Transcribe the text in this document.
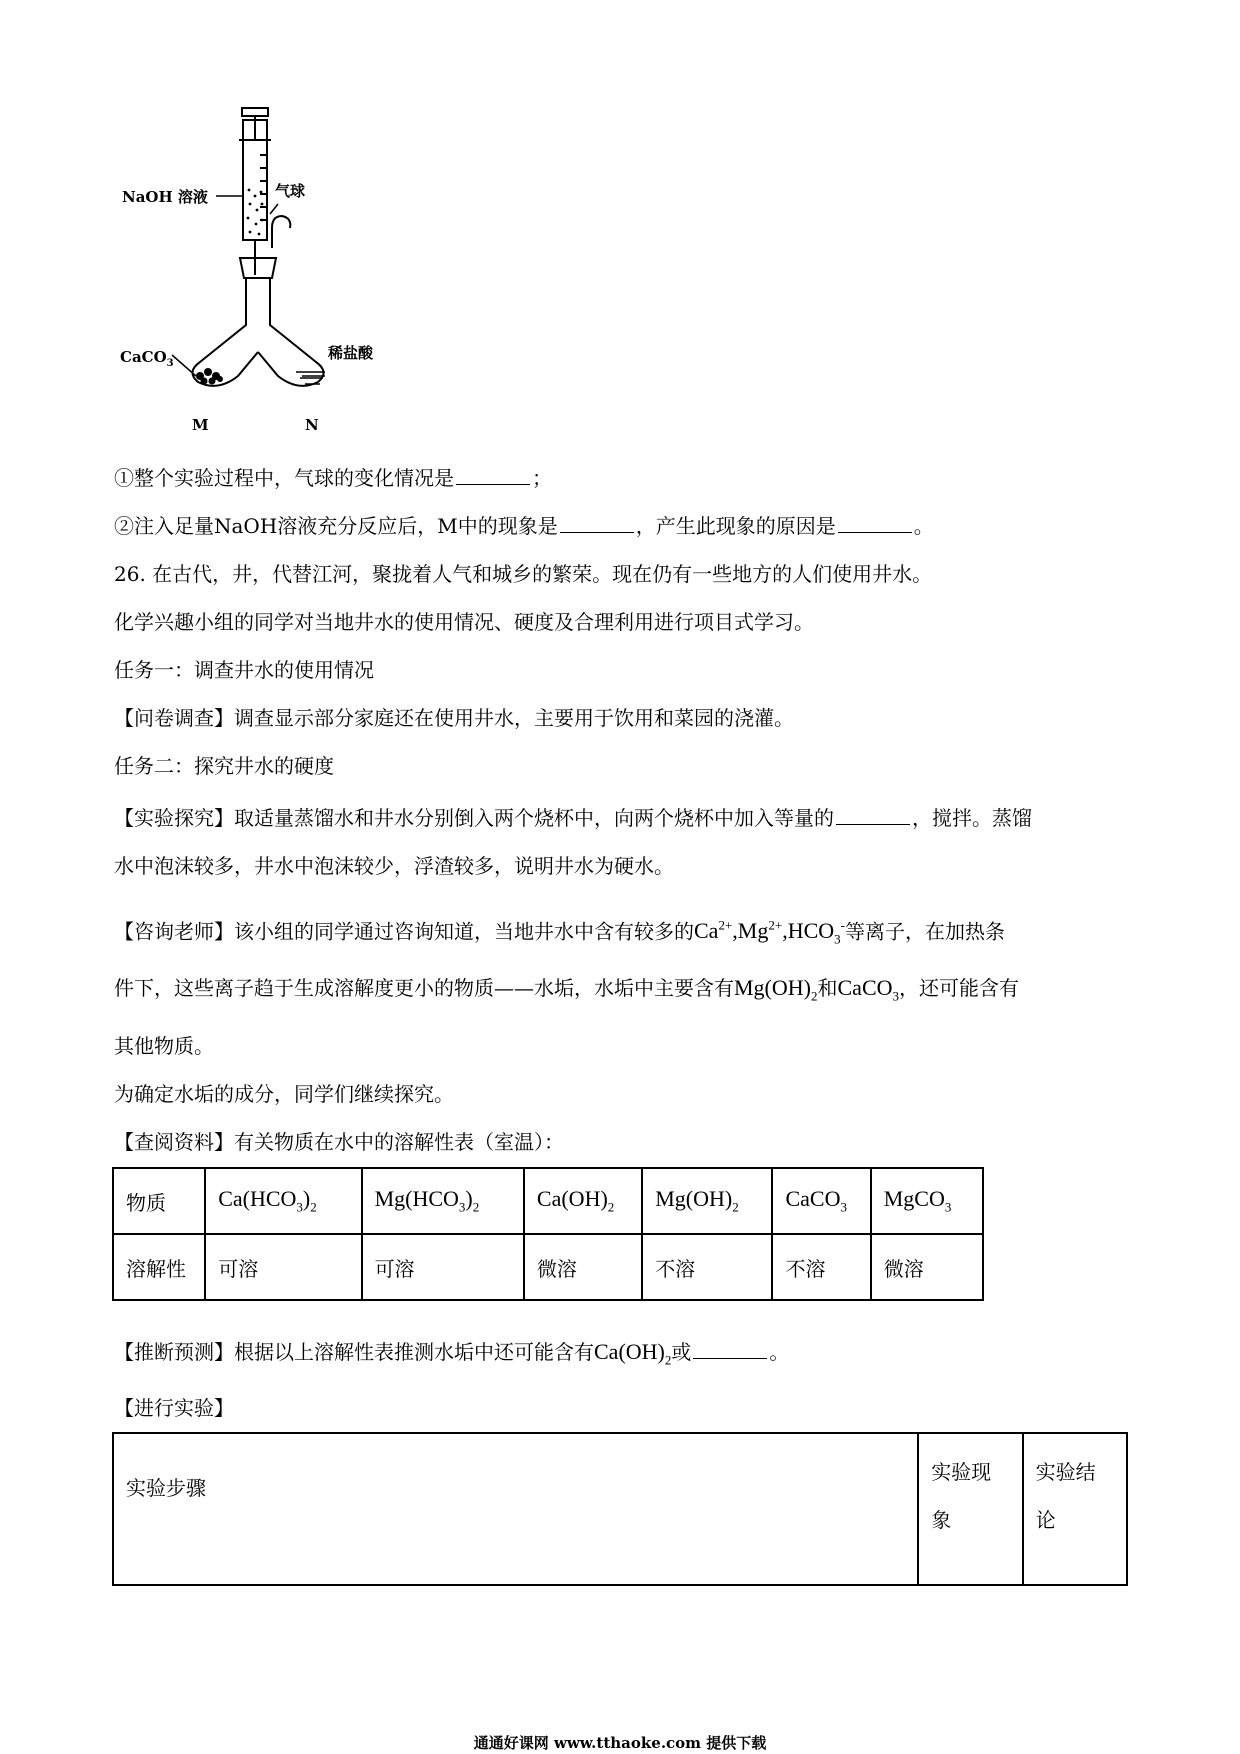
NaOH 溶液	气球
CaCO$_3$
稀盐酸
M	N
①整个实验过程中，气球的变化情况是	；
②注入足量NaOH溶液充分反应后，M中的现象是	，产生此现象的原因是	。
26. 在古代，井，代替江河，聚拢着人气和城乡的繁荣。现在仍有一些地方的人们使用井水。
化学兴趣小组的同学对当地井水的使用情况、硬度及合理利用进行项目式学习。
任务一：调查井水的使用情况
【问卷调查】调查显示部分家庭还在使用井水，主要用于饮用和菜园的浇灌。
任务二：探究井水的硬度
【实验探究】取适量蒸馏水和井水分别倒入两个烧杯中，向两个烧杯中加入等量的	，搅拌。蒸馏
水中泡沫较多，井水中泡沫较少，浮渣较多，说明井水为硬水。
【咨询老师】该小组的同学通过咨询知道，当地井水中含有较多的$Ca^{2+},Mg^{2+},HCO_3^-$等离子，在加热条
件下，这些离子趋于生成溶解度更小的物质——水垢，水垢中主要含有$Mg(OH)_2$和CaCO$_3$，还可能含有
其他物质。
为确定水垢的成分，同学们继续探究。
【查阅资料】有关物质在水中的溶解性表（室温）：
物质	$Ca(HCO_3)_2$	$Mg(HCO_3)_2$	$Ca(OH)_2$	$Mg(OH)_2$	CaCO$_3$	MgCO$_3$
溶解性	可溶	可溶	微溶	不溶	不溶	微溶
【推断预测】根据以上溶解性表推测水垢中还可能含有$Ca(OH)_2$或	。
【进行实验】
实验步骤	实验现象	实验结论
通通好课网 www.tthaoke.com 提供下载
